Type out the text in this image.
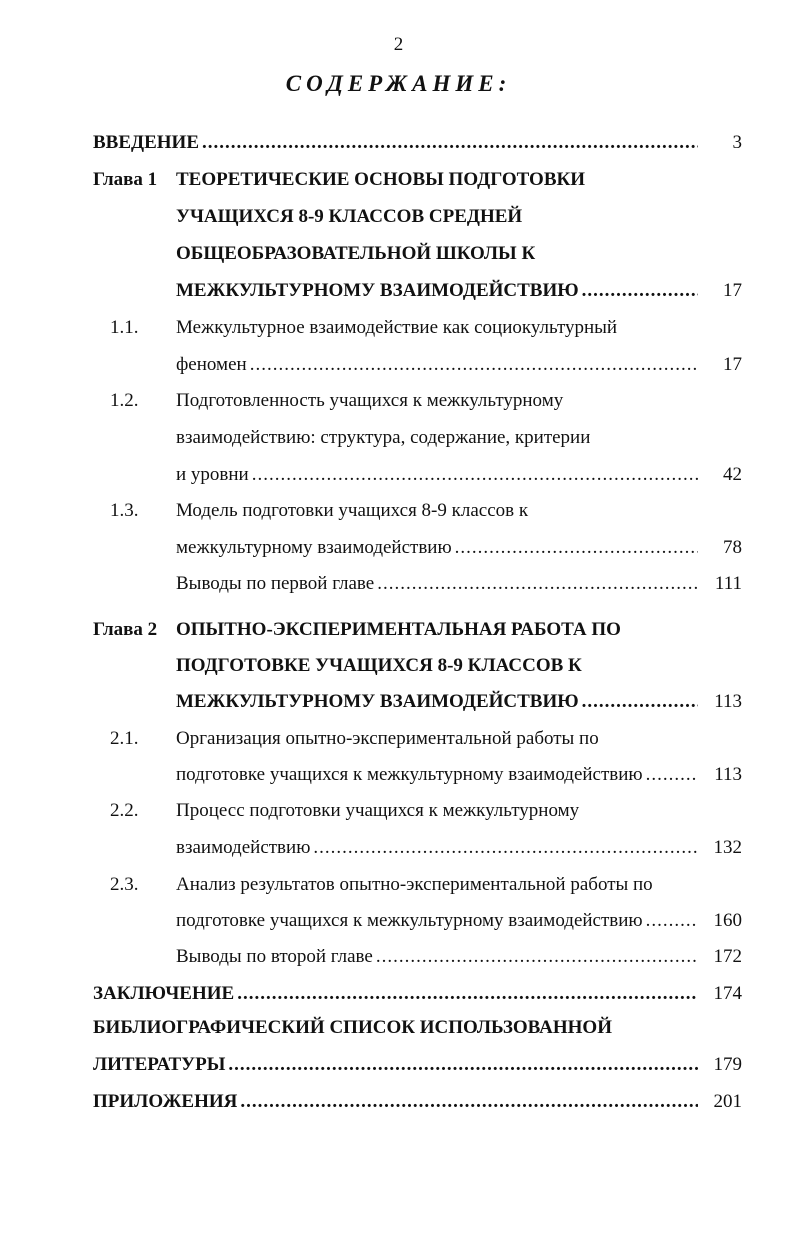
2
СОДЕРЖАНИЕ:
ВВЕДЕНИЕ .....	3
Глава 1 ТЕОРЕТИЧЕСКИЕ ОСНОВЫ ПОДГОТОВКИ
УЧАЩИХСЯ 8-9 КЛАССОВ СРЕДНЕЙ
ОБЩЕОБРАЗОВАТЕЛЬНОЙ ШКОЛЫ К
МЕЖКУЛЬТУРНОМУ ВЗАИМОДЕЙСТВИЮ .....	17
1.1. Межкультурное взаимодействие как социокультурный
феномен .....	17
1.2. Подготовленность учащихся к межкультурному
взаимодействию: структура, содержание, критерии
и уровни .....	42
1.3. Модель подготовки учащихся 8-9 классов к
межкультурному взаимодействию .....	78
Выводы по первой главе .....	111
Глава 2 ОПЫТНО-ЭКСПЕРИМЕНТАЛЬНАЯ РАБОТА ПО
ПОДГОТОВКЕ УЧАЩИХСЯ 8-9 КЛАССОВ К
МЕЖКУЛЬТУРНОМУ ВЗАИМОДЕЙСТВИЮ .....	113
2.1. Организация опытно-экспериментальной работы по
подготовке учащихся к межкультурному взаимодействию .....	113
2.2. Процесс подготовки учащихся к межкультурному
взаимодействию .....	132
2.3. Анализ результатов опытно-экспериментальной работы по
подготовке учащихся к межкультурному взаимодействию .....	160
Выводы по второй главе .....	172
ЗАКЛЮЧЕНИЕ .....	174
БИБЛИОГРАФИЧЕСКИЙ СПИСОК ИСПОЛЬЗОВАННОЙ
ЛИТЕРАТУРЫ .....	179
ПРИЛОЖЕНИЯ .....	201
